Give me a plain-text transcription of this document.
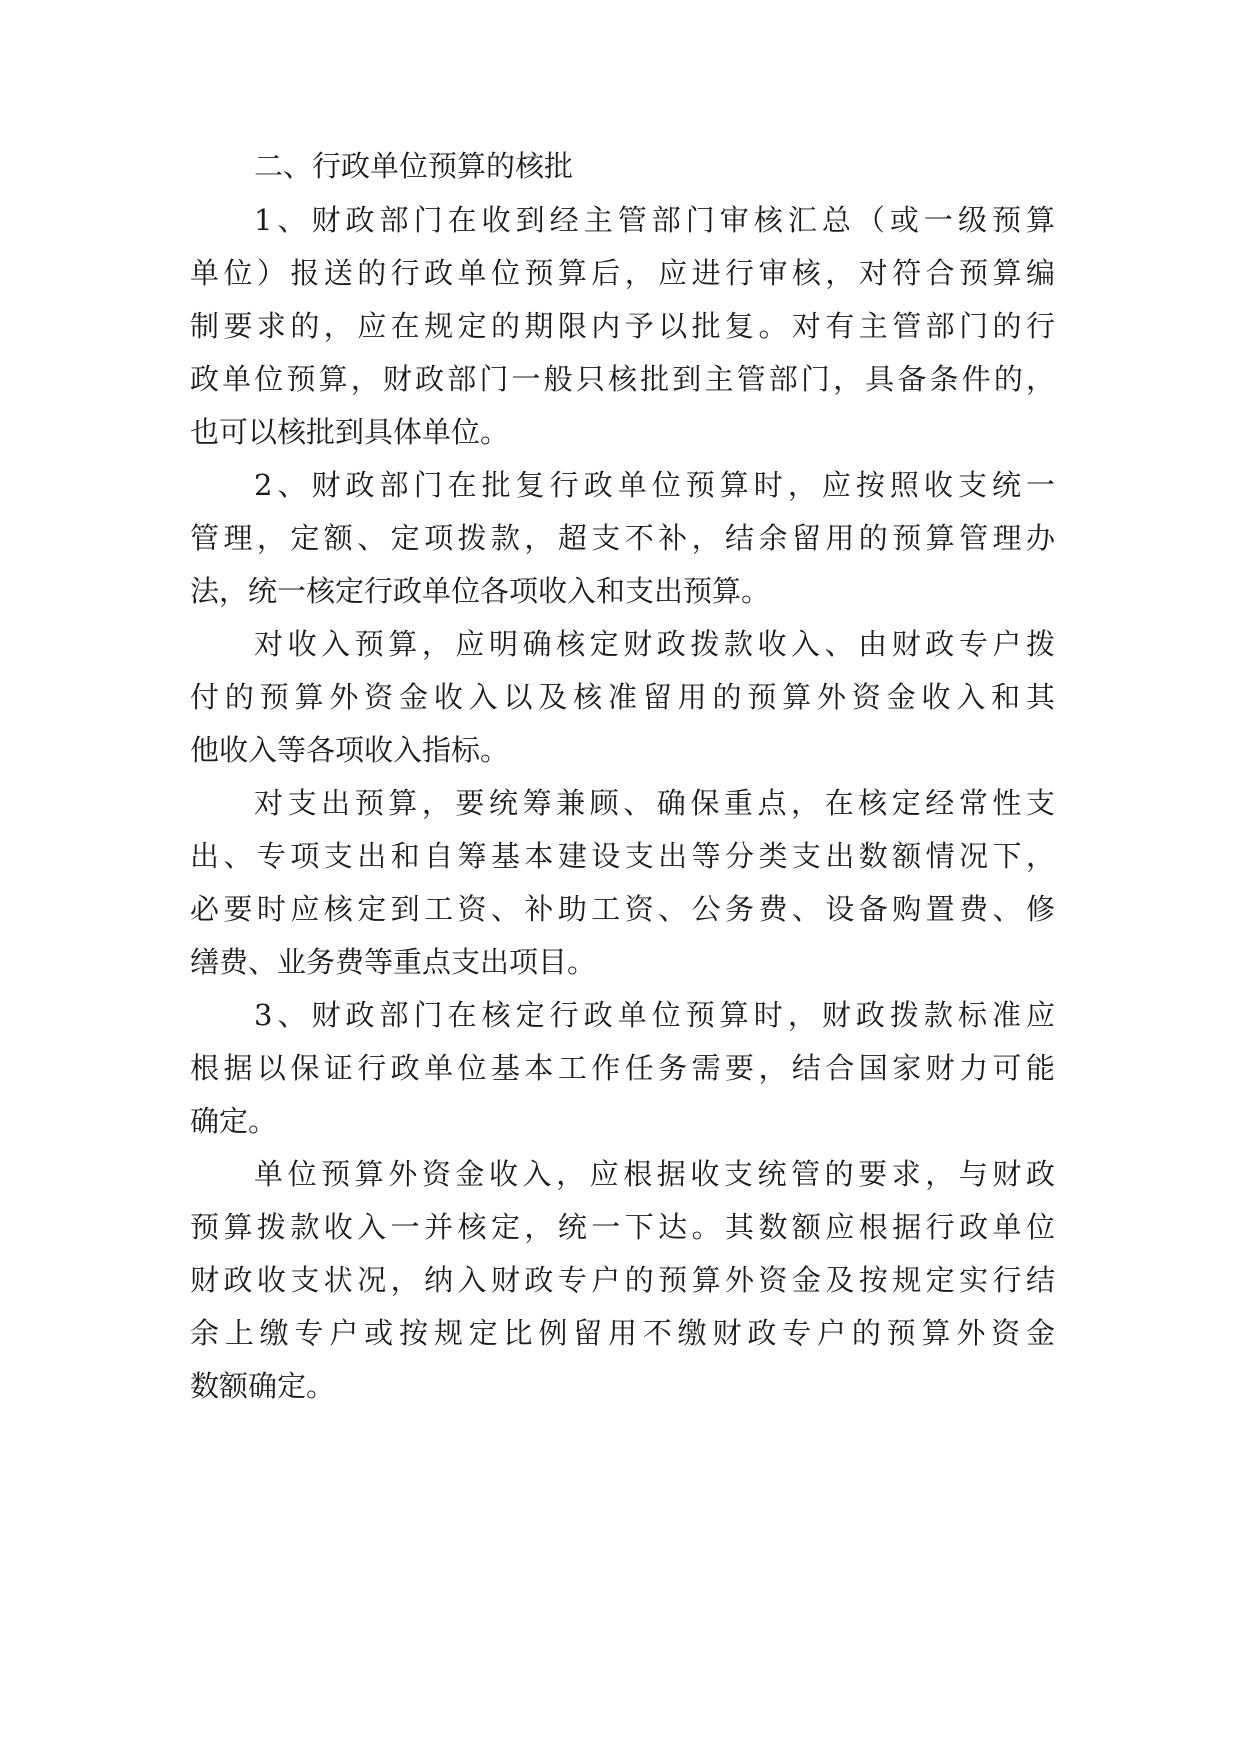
二、行政单位预算的核批
1、财政部门在收到经主管部门审核汇总（或一级预算
单位）报送的行政单位预算后，应进行审核，对符合预算编
制要求的，应在规定的期限内予以批复。对有主管部门的行
政单位预算，财政部门一般只核批到主管部门，具备条件的，
也可以核批到具体单位。
2、财政部门在批复行政单位预算时，应按照收支统一
管理，定额、定项拨款，超支不补，结余留用的预算管理办
法，统一核定行政单位各项收入和支出预算。
对收入预算，应明确核定财政拨款收入、由财政专户拨
付的预算外资金收入以及核准留用的预算外资金收入和其
他收入等各项收入指标。
对支出预算，要统筹兼顾、确保重点，在核定经常性支
出、专项支出和自筹基本建设支出等分类支出数额情况下，
必要时应核定到工资、补助工资、公务费、设备购置费、修
缮费、业务费等重点支出项目。
3、财政部门在核定行政单位预算时，财政拨款标准应
根据以保证行政单位基本工作任务需要，结合国家财力可能
确定。
单位预算外资金收入，应根据收支统管的要求，与财政
预算拨款收入一并核定，统一下达。其数额应根据行政单位
财政收支状况，纳入财政专户的预算外资金及按规定实行结
余上缴专户或按规定比例留用不缴财政专户的预算外资金
数额确定。
